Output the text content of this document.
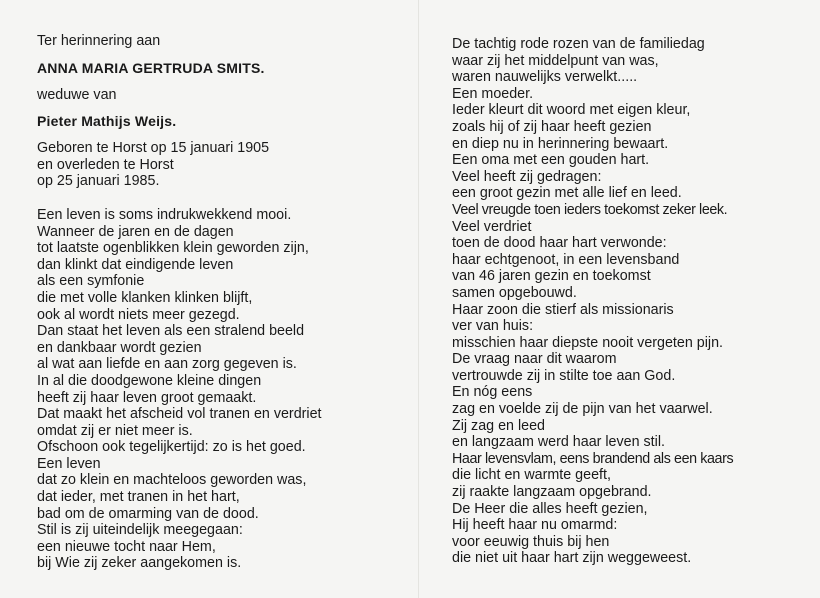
Ter herinnering aan
ANNA MARIA GERTRUDA SMITS.
weduwe van
Pieter Mathijs Weijs.
Geboren te Horst op 15 januari 1905
en overleden te Horst
op 25 januari 1985.
Een leven is soms indrukwekkend mooi.
Wanneer de jaren en de dagen
tot laatste ogenblikken klein geworden zijn,
dan klinkt dat eindigende leven
als een symfonie
die met volle klanken klinken blijft,
ook al wordt niets meer gezegd.
Dan staat het leven als een stralend beeld
en dankbaar wordt gezien
al wat aan liefde en aan zorg gegeven is.
In al die doodgewone kleine dingen
heeft zij haar leven groot gemaakt.
Dat maakt het afscheid vol tranen en verdriet
omdat zij er niet meer is.
Ofschoon ook tegelijkertijd: zo is het goed.
Een leven
dat zo klein en machteloos geworden was,
dat ieder, met tranen in het hart,
bad om de omarming van de dood.
Stil is zij uiteindelijk meegegaan:
een nieuwe tocht naar Hem,
bij Wie zij zeker aangekomen is.
De tachtig rode rozen van de familiedag
waar zij het middelpunt van was,
waren nauwelijks verwelkt.....
Een moeder.
Ieder kleurt dit woord met eigen kleur,
zoals hij of zij haar heeft gezien
en diep nu in herinnering bewaart.
Een oma met een gouden hart.
Veel heeft zij gedragen:
een groot gezin met alle lief en leed.
Veel vreugde toen ieders toekomst zeker leek.
Veel verdriet
toen de dood haar hart verwonde:
haar echtgenoot, in een levensband
van 46 jaren gezin en toekomst
samen opgebouwd.
Haar zoon die stierf als missionaris
ver van huis:
misschien haar diepste nooit vergeten pijn.
De vraag naar dit waarom
vertrouwde zij in stilte toe aan God.
En nóg eens
zag en voelde zij de pijn van het vaarwel.
Zij zag en leed
en langzaam werd haar leven stil.
Haar levensvlam, eens brandend als een kaars
die licht en warmte geeft,
zij raakte langzaam opgebrand.
De Heer die alles heeft gezien,
Hij heeft haar nu omarmd:
voor eeuwig thuis bij hen
die niet uit haar hart zijn weggeweest.
